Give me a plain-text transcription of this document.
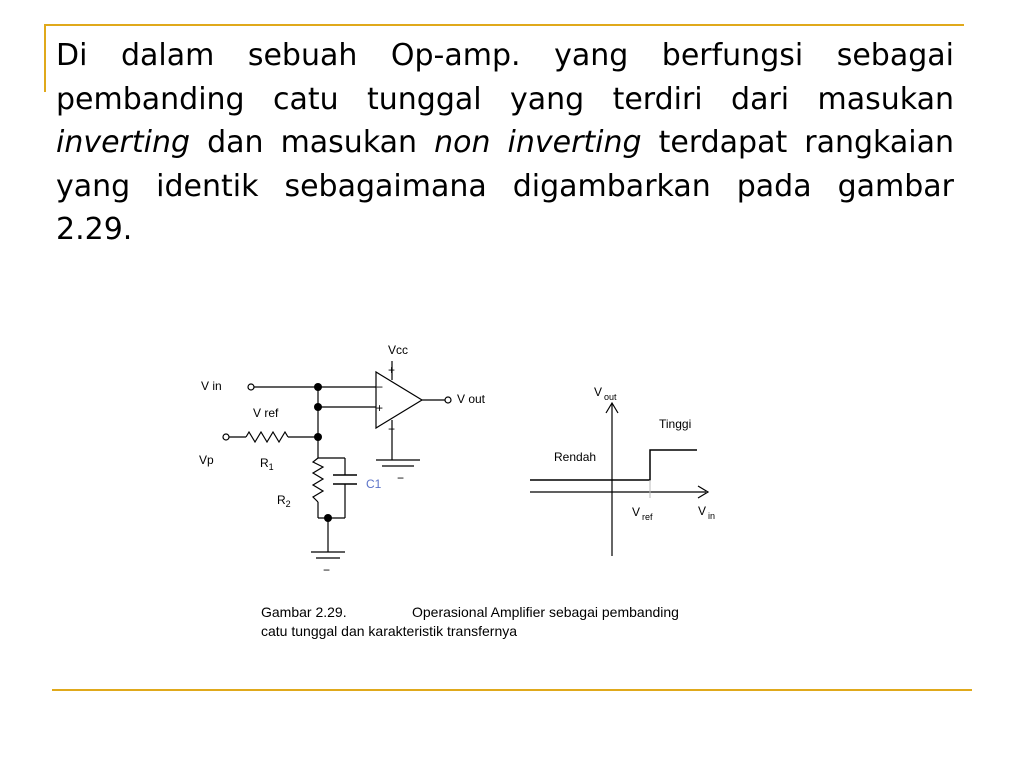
Di dalam sebuah Op-amp. yang berfungsi sebagai pembanding catu tunggal yang terdiri dari masukan inverting dan masukan non inverting terdapat rangkaian yang identik sebagaimana digambarkan pada gambar 2.29.

Vcc
+
−
+
−
−
−
V in
V ref
Vp
V out
$R_1$
$R_2$
C1
V $_{out}$
Tinggi
Rendah
V $_{ref}$	V $_{in}$
Gambar 2.29.	Operasional Amplifier sebagai pembanding
catu tunggal dan karakteristik transfernya
